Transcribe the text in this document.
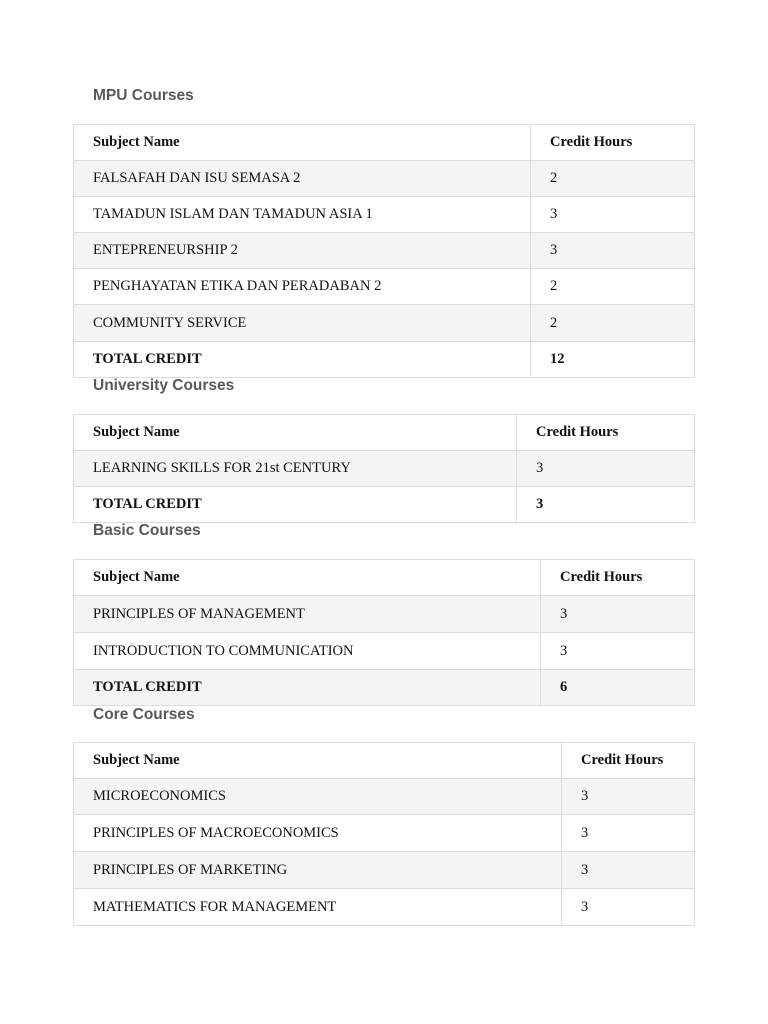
MPU Courses
Subject Name	Credit Hours
FALSAFAH DAN ISU SEMASA 2	2
TAMADUN ISLAM DAN TAMADUN ASIA 1	3
ENTEPRENEURSHIP 2	3
PENGHAYATAN ETIKA DAN PERADABAN 2	2
COMMUNITY SERVICE	2
TOTAL CREDIT	12
University Courses
Subject Name	Credit Hours
LEARNING SKILLS FOR 21st CENTURY	3
TOTAL CREDIT	3
Basic Courses
Subject Name	Credit Hours
PRINCIPLES OF MANAGEMENT	3
INTRODUCTION TO COMMUNICATION	3
TOTAL CREDIT	6
Core Courses
Subject Name	Credit Hours
MICROECONOMICS	3
PRINCIPLES OF MACROECONOMICS	3
PRINCIPLES OF MARKETING	3
MATHEMATICS FOR MANAGEMENT	3
